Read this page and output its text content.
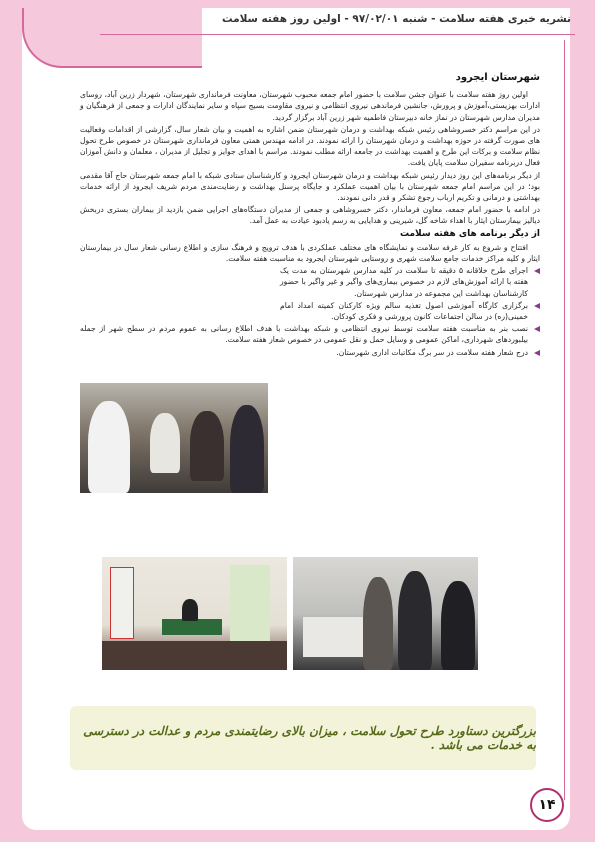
نشریه خبری هفته سلامت - شنبه ۹۷/۰۲/۰۱ - اولین روز هفته سلامت
شهرستان ایجرود

اولین روز هفته سلامت با عنوان جشن سلامت با حضور امام جمعه محبوب شهرستان، معاونت فرمانداری شهرستان، شهردار زرین آباد، روسای ادارات بهزیستی،آموزش و پرورش، جانشین فرماندهی نیروی انتظامی و نیروی مقاومت بسیج سپاه و سایر نمایندگان ادارات و جمعی از فرهنگیان و مدیران مدارس شهرستان در نماز خانه دبیرستان فاطمیه شهر زرین آباد برگزار گردید.

در این مراسم دکتر خسروشاهی رئیس شبکه بهداشت و درمان شهرستان ضمن اشاره به اهمیت و بیان شعار سال، گزارشی از اقدامات وفعالیت های صورت گرفته در حوزه بهداشت و درمان شهرستان را ارائه نمودند. در ادامه مهندس همتی معاون فرمانداری شهرستان در خصوص طرح تحول نظام سلامت و برکات این طرح و اهمیت بهداشت در جامعه ارائه مطلب نمودند. مراسم با اهدای جوایز و تجلیل از مدیران ، معلمان و دانش آموزان فعال دربرنامه سفیران سلامت پایان یافت.

از دیگر برنامه‌های این روز دیدار رئیس شبکه بهداشت و درمان شهرستان ایجرود و کارشناسان ستادی شبکه با امام جمعه شهرستان حاج آقا مقدمی بود؛ در این مراسم امام جمعه شهرستان با بیان اهمیت عملکرد و جایگاه پرسنل بهداشت و رضایت‌مندی مردم شریف ایجرود از ارائه خدمات بهداشتی و درمانی و تکریم ارباب رجوع تشکر و قدر دانی نمودند.

در ادامه با حضور امام جمعه، معاون فرماندار، دکتر خسروشاهی و جمعی از مدیران دستگاه‌های اجرایی ضمن بازدید از بیماران بستری دربخش دیالیز بیمارستان ایثار با اهداء شاخه گل، شیرینی و هدایایی به رسم یادبود عیادت به عمل آمد.

از دیگر برنامه های هفته سلامت

افتتاح و شروع به کار غرفه سلامت و نمایشگاه های مختلف عملکردی با هدف ترویج و فرهنگ سازی و اطلاع رسانی شعار سال در بیمارستان ایثار و کلیه مراکز خدمات جامع سلامت شهری و روستایی شهرستان ایجرود به مناسبت هفته سلامت.

اجرای طرح خلاقانه ۵ دقیقه تا سلامت در کلیه مدارس شهرستان به مدت یک هفته با ارائه آموزش‌های لازم در خصوص بیماری‌های واگیر و غیر واگیر با حضور کارشناسان بهداشت این مجموعه در مدارس شهرستان.

برگزاری کارگاه آموزشی اصول تغذیه سالم ویژه کارکنان کمیته امداد امام خمینی(ره) در سالن اجتماعات کانون پرورشی و فکری کودکان.

نصب بنر به مناسبت هفته سلامت توسط نیروی انتظامی و شبکه بهداشت با هدف اطلاع رسانی به عموم مردم در سطح شهر از جمله بیلبوردهای شهرداری، اماکن عمومی و وسایل حمل و نقل عمومی در خصوص شعار هفته سلامت.

درج شعار هفته سلامت در سر برگ مکاتبات اداری شهرستان.

بزرگترین دستاورد طرح تحول سلامت ، میزان بالای رضایتمندی مردم و عدالت در دسترسی به خدمات می باشد .
۱۴
